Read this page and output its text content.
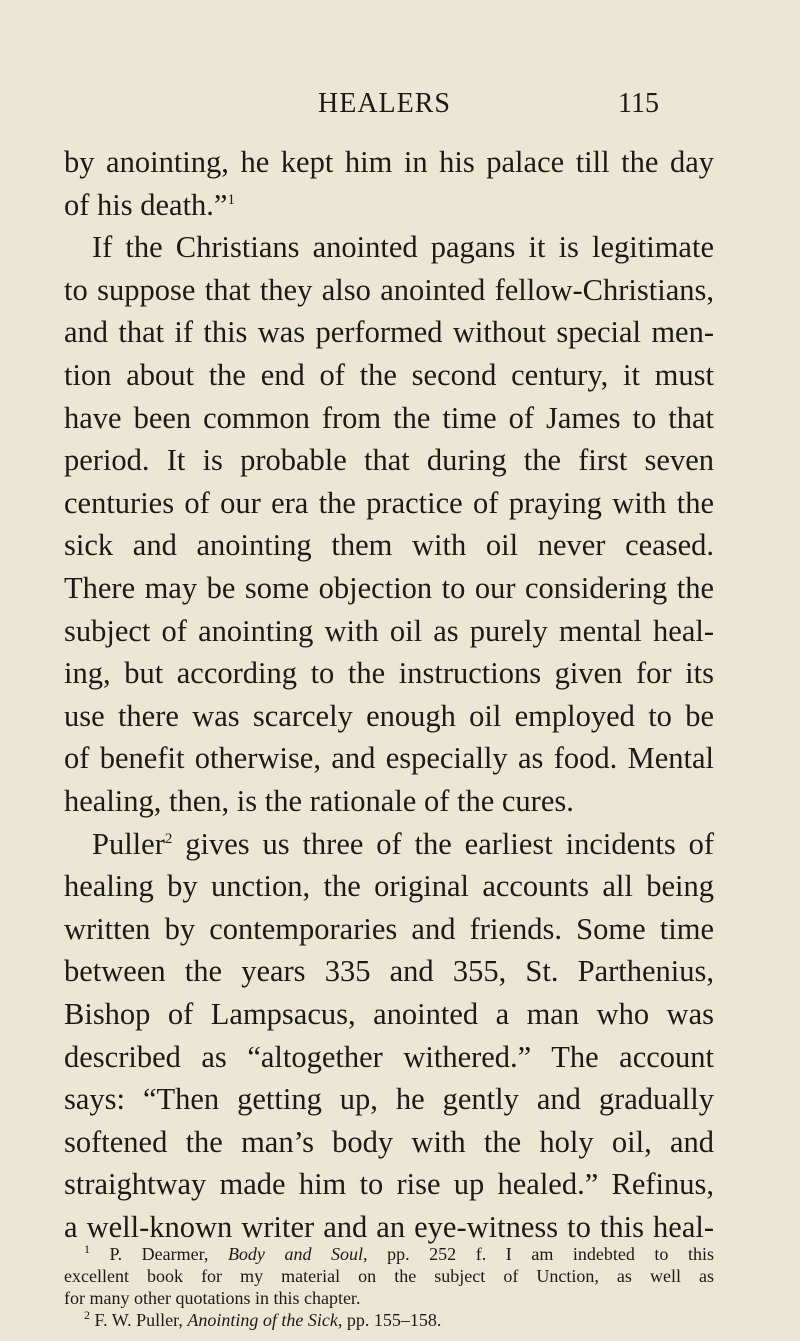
HEALERS	115
by anointing, he kept him in his palace till the day
of his death.”$^1$
If the Christians anointed pagans it is legitimate
to suppose that they also anointed fellow-Christians,
and that if this was performed without special men-
tion about the end of the second century, it must
have been common from the time of James to that
period. It is probable that during the first seven
centuries of our era the practice of praying with the
sick and anointing them with oil never ceased.
There may be some objection to our considering the
subject of anointing with oil as purely mental heal-
ing, but according to the instructions given for its
use there was scarcely enough oil employed to be
of benefit otherwise, and especially as food. Mental
healing, then, is the rationale of the cures.
Puller$^2$ gives us three of the earliest incidents of
healing by unction, the original accounts all being
written by contemporaries and friends. Some time
between the years 335 and 355, St. Parthenius,
Bishop of Lampsacus, anointed a man who was
described as “altogether withered.” The account
says: “Then getting up, he gently and gradually
softened the man’s body with the holy oil, and
straightway made him to rise up healed.” Refinus,
a well-known writer and an eye-witness to this heal-
$^1$ P. Dearmer, Body and Soul, pp. 252 f. I am indebted to this
excellent book for my material on the subject of Unction, as well as
for many other quotations in this chapter.
$^2$ F. W. Puller, Anointing of the Sick, pp. 155–158.
